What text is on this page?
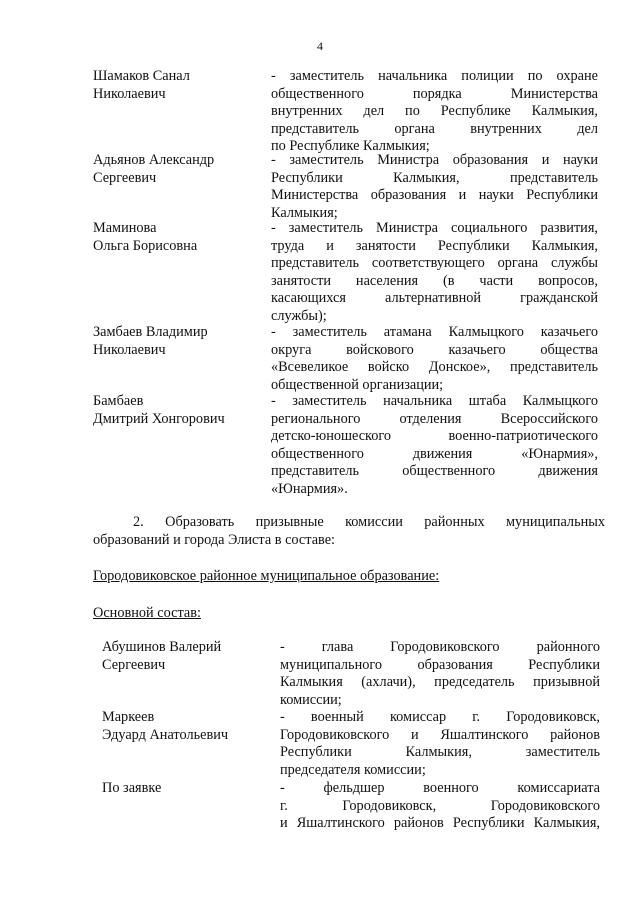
4
Шамаков Санал
Николаевич
- заместитель начальника полиции по охране
общественного порядка Министерства
внутренних дел по Республике Калмыкия,
представитель органа внутренних дел
по Республике Калмыкия;
Адьянов Александр
Сергеевич
- заместитель Министра образования и науки
Республики Калмыкия, представитель
Министерства образования и науки Республики
Калмыкия;
Маминова
Ольга Борисовна
- заместитель Министра социального развития,
труда и занятости Республики Калмыкия,
представитель соответствующего органа службы
занятости населения (в части вопросов,
касающихся альтернативной гражданской
службы);
Замбаев Владимир
Николаевич
- заместитель атамана Калмыцкого казачьего
округа войскового казачьего общества
«Всевеликое войско Донское», представитель
общественной организации;
Бамбаев
Дмитрий Хонгорович
- заместитель начальника штаба Калмыцкого
регионального отделения Всероссийского
детско-юношеского военно-патриотического
общественного движения «Юнармия»,
представитель общественного движения
«Юнармия».
2. Образовать призывные комиссии районных муниципальных
образований и города Элиста в составе:
Городовиковское районное муниципальное образование:
Основной состав:
Абушинов Валерий
Сергеевич
- глава Городовиковского районного
муниципального образования Республики
Калмыкия (ахлачи), председатель призывной
комиссии;
Маркеев
Эдуард Анатольевич
- военный комиссар г. Городовиковск,
Городовиковского и Яшалтинского районов
Республики Калмыкия, заместитель
председателя комиссии;
По заявке	- фельдшер военного комиссариата
г. Городовиковск, Городовиковского
и Яшалтинского районов Республики Калмыкия,
